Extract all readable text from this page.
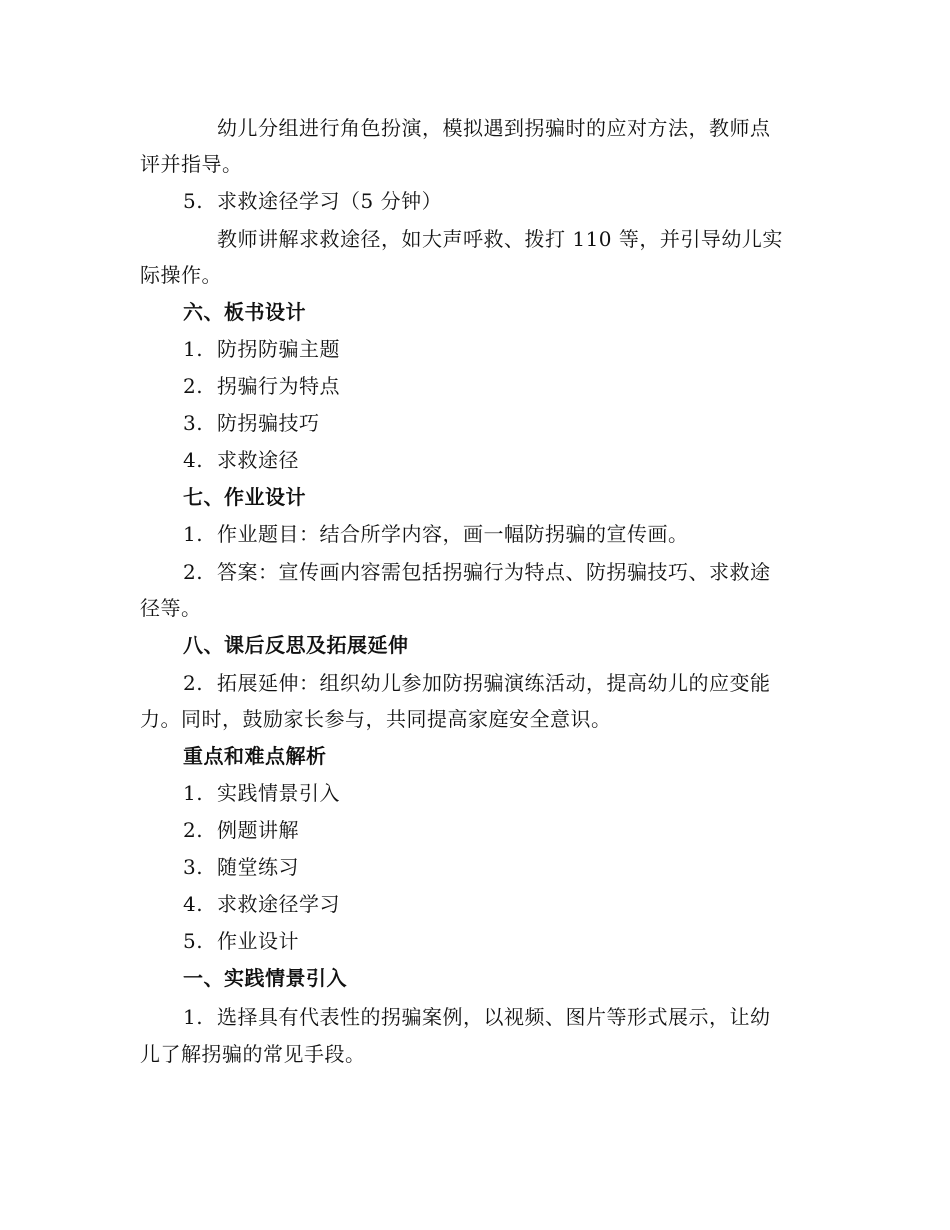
幼儿分组进行角色扮演，模拟遇到拐骗时的应对方法，教师点
评并指导。
5. 求救途径学习（5 分钟）
教师讲解求救途径，如大声呼救、拨打 110 等，并引导幼儿实
际操作。
六、板书设计
1. 防拐防骗主题
2. 拐骗行为特点
3. 防拐骗技巧
4. 求救途径
七、作业设计
1. 作业题目：结合所学内容，画一幅防拐骗的宣传画。
2. 答案：宣传画内容需包括拐骗行为特点、防拐骗技巧、求救途
径等。
八、课后反思及拓展延伸
2. 拓展延伸：组织幼儿参加防拐骗演练活动，提高幼儿的应变能
力。同时，鼓励家长参与，共同提高家庭安全意识。
重点和难点解析
1. 实践情景引入
2. 例题讲解
3. 随堂练习
4. 求救途径学习
5. 作业设计
一、实践情景引入
1. 选择具有代表性的拐骗案例，以视频、图片等形式展示，让幼
儿了解拐骗的常见手段。
